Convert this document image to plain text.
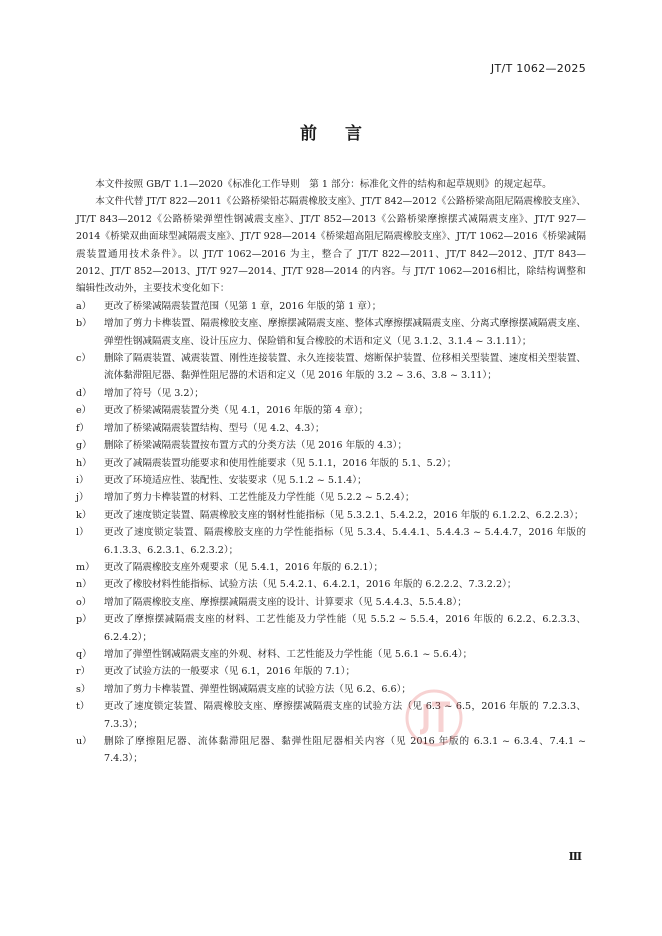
JT/T 1062—2025
前言

本文件按照 GB/T 1.1—2020《标准化工作导则　第 1 部分：标准化文件的结构和起草规则》的规定起草。

本文件代替 JT/T 822—2011《公路桥梁铅芯隔震橡胶支座》、JT/T 842—2012《公路桥梁高阻尼隔震橡胶支座》、JT/T 843—2012《公路桥梁弹塑性钢减震支座》、JT/T 852—2013《公路桥梁摩擦摆式减隔震支座》、JT/T 927—2014《桥梁双曲面球型减隔震支座》、JT/T 928—2014《桥梁超高阻尼隔震橡胶支座》、JT/T 1062—2016《桥梁减隔震装置通用技术条件》。以 JT/T 1062—2016 为主，整合了 JT/T 822—2011、JT/T 842—2012、JT/T 843—2012、JT/T 852—2013、JT/T 927—2014、JT/T 928—2014 的内容。与 JT/T 1062—2016相比，除结构调整和编辑性改动外，主要技术变化如下：

a）	更改了桥梁减隔震装置范围（见第 1 章，2016 年版的第 1 章）；
b）	增加了剪力卡榫装置、隔震橡胶支座、摩擦摆减隔震支座、整体式摩擦摆减隔震支座、分离式摩擦摆减隔震支座、弹塑性钢减隔震支座、设计压应力、保险销和复合橡胶的术语和定义（见 3.1.2、3.1.4 ~ 3.1.11）；
c）	删除了隔震装置、减震装置、刚性连接装置、永久连接装置、熔断保护装置、位移相关型装置、速度相关型装置、流体黏滞阻尼器、黏弹性阻尼器的术语和定义（见 2016 年版的 3.2 ~ 3.6、3.8 ~ 3.11）；
d）	增加了符号（见 3.2）；
e）	更改了桥梁减隔震装置分类（见 4.1，2016 年版的第 4 章）；
f）	增加了桥梁减隔震装置结构、型号（见 4.2、4.3）；
g）	删除了桥梁减隔震装置按布置方式的分类方法（见 2016 年版的 4.3）；
h）	更改了减隔震装置功能要求和使用性能要求（见 5.1.1，2016 年版的 5.1、5.2）；
i）	更改了环境适应性、装配性、安装要求（见 5.1.2 ~ 5.1.4）；
j）	增加了剪力卡榫装置的材料、工艺性能及力学性能（见 5.2.2 ~ 5.2.4）；
k）	更改了速度锁定装置、隔震橡胶支座的钢材性能指标（见 5.3.2.1、5.4.2.2，2016 年版的 6.1.2.2、6.2.2.3）；
l）	更改了速度锁定装置、隔震橡胶支座的力学性能指标（见 5.3.4、5.4.4.1、5.4.4.3 ~ 5.4.4.7，2016 年版的 6.1.3.3、6.2.3.1、6.2.3.2）；
m） 更改了隔震橡胶支座外观要求（见 5.4.1，2016 年版的 6.2.1）；
n）	更改了橡胶材料性能指标、试验方法（见 5.4.2.1、6.4.2.1，2016 年版的 6.2.2.2、7.3.2.2）；
o）	增加了隔震橡胶支座、摩擦摆减隔震支座的设计、计算要求（见 5.4.4.3、5.5.4.8）；
p）	更改了摩擦摆减隔震支座的材料、工艺性能及力学性能（见 5.5.2 ~ 5.5.4，2016 年版的 6.2.2、6.2.3.3、6.2.4.2）；
q）	增加了弹塑性钢减隔震支座的外观、材料、工艺性能及力学性能（见 5.6.1 ~ 5.6.4）；
r）	更改了试验方法的一般要求（见 6.1，2016 年版的 7.1）；
s）	增加了剪力卡榫装置、弹塑性钢减隔震支座的试验方法（见 6.2、6.6）；
t）	更改了速度锁定装置、隔震橡胶支座、摩擦摆减隔震支座的试验方法（见 6.3 ~ 6.5，2016 年版的 7.2.3.3、7.3.3）；
u）	删除了摩擦阻尼器、流体黏滞阻尼器、黏弹性阻尼器相关内容（见 2016 年版的 6.3.1 ~ 6.3.4、7.4.1 ~ 7.4.3）；
Ⅲ
